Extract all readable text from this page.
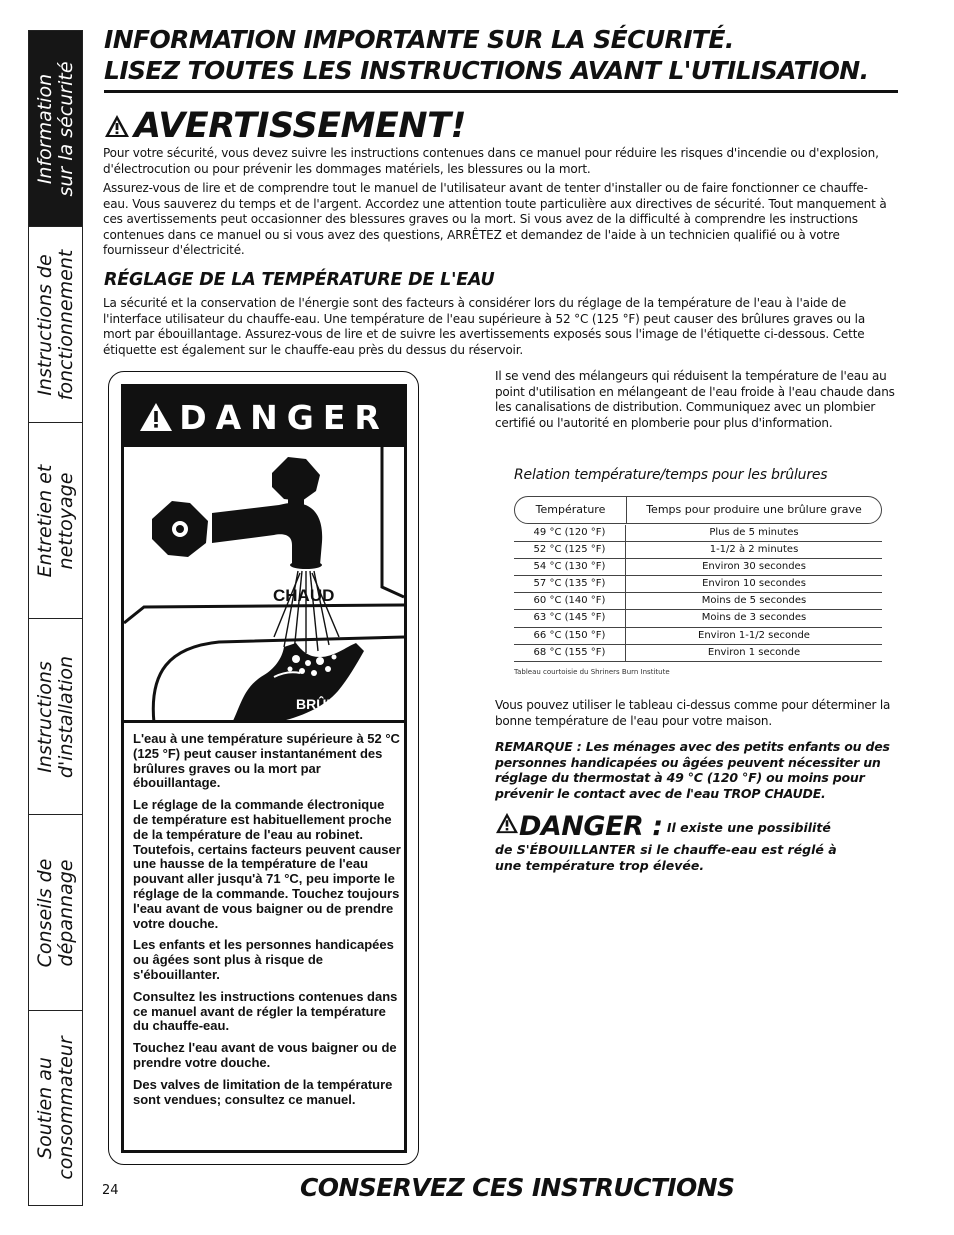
Information sur la sécurité
Instructions de fonctionnement
Entretien et nettoyage
Instructions d'installation
Conseils de dépannage
Soutien au consommateur
INFORMATION IMPORTANTE SUR LA SÉCURITÉ.
LISEZ TOUTES LES INSTRUCTIONS AVANT L'UTILISATION.
AVERTISSEMENT!
Pour votre sécurité, vous devez suivre les instructions contenues dans ce manuel pour réduire les risques d'incendie ou d'explosion, d'électrocution ou pour prévenir les dommages matériels, les blessures ou la mort.
Assurez-vous de lire et de comprendre tout le manuel de l'utilisateur avant de tenter d'installer ou de faire fonctionner ce chauffe-eau. Vous sauverez du temps et de l'argent. Accordez une attention toute particulière aux directives de sécurité. Tout manquement à ces avertissements peut occasionner des blessures graves ou la mort. Si vous avez de la difficulté à comprendre les instructions contenues dans ce manuel ou si vous avez des questions, ARRÊTEZ et demandez de l'aide à un technicien qualifié ou à votre fournisseur d'électricité.
RÉGLAGE DE LA TEMPÉRATURE DE L'EAU
La sécurité et la conservation de l'énergie sont des facteurs à considérer lors du réglage de la température de l'eau à l'aide de l'interface utilisateur du chauffe-eau. Une température de l'eau supérieure à 52 °C (125 °F) peut causer des brûlures graves ou la mort par ébouillantage. Assurez-vous de lire et de suivre les avertissements exposés sous l'image de l'étiquette ci-dessous. Cette étiquette est également sur le chauffe-eau près du dessus du réservoir.
DANGER
CHAUD
BRÛLURE

L'eau à une température supérieure à 52 °C (125 °F) peut causer instantanément des brûlures graves ou la mort par ébouillantage.

Le réglage de la commande électronique de température est habituellement proche de la température de l'eau au robinet. Toutefois, certains facteurs peuvent causer une hausse de la température de l'eau pouvant aller jusqu'à 71 °C, peu importe le réglage de la commande. Touchez toujours l'eau avant de vous baigner ou de prendre votre douche.

Les enfants et les personnes handicapées ou âgées sont plus à risque de s'ébouillanter.

Consultez les instructions contenues dans ce manuel avant de régler la température du chauffe-eau.

Touchez l'eau avant de vous baigner ou de prendre votre douche.

Des valves de limitation de la température sont vendues; consultez ce manuel.

Il se vend des mélangeurs qui réduisent la température de l'eau au point d'utilisation en mélangeant de l'eau froide à l'eau chaude dans les canalisations de distribution. Communiquez avec un plombier certifié ou l'autorité en plomberie pour plus d'information.
Relation température/temps pour les brûlures
Température	Temps pour produire une brûlure grave
49 °C (120 °F)	Plus de 5 minutes
52 °C (125 °F)	1-1/2 à 2 minutes
54 °C (130 °F)	Environ 30 secondes
57 °C (135 °F)	Environ 10 secondes
60 °C (140 °F)	Moins de 5 secondes
63 °C (145 °F)	Moins de 3 secondes
66 °C (150 °F)	Environ 1-1/2 seconde
68 °C (155 °F)	Environ 1 seconde
Tableau courtoisie du Shriners Burn Institute
Vous pouvez utiliser le tableau ci-dessus comme pour déterminer la bonne température de l'eau pour votre maison.
REMARQUE : Les ménages avec des petits enfants ou des personnes handicapées ou âgées peuvent nécessiter un réglage du thermostat à 49 °C (120 °F) ou moins pour prévenir le contact avec de l'eau TROP CHAUDE.
DANGER : Il existe une possibilité de S'ÉBOUILLANTER si le chauffe-eau est réglé à une température trop élevée.
24	CONSERVEZ CES INSTRUCTIONS
